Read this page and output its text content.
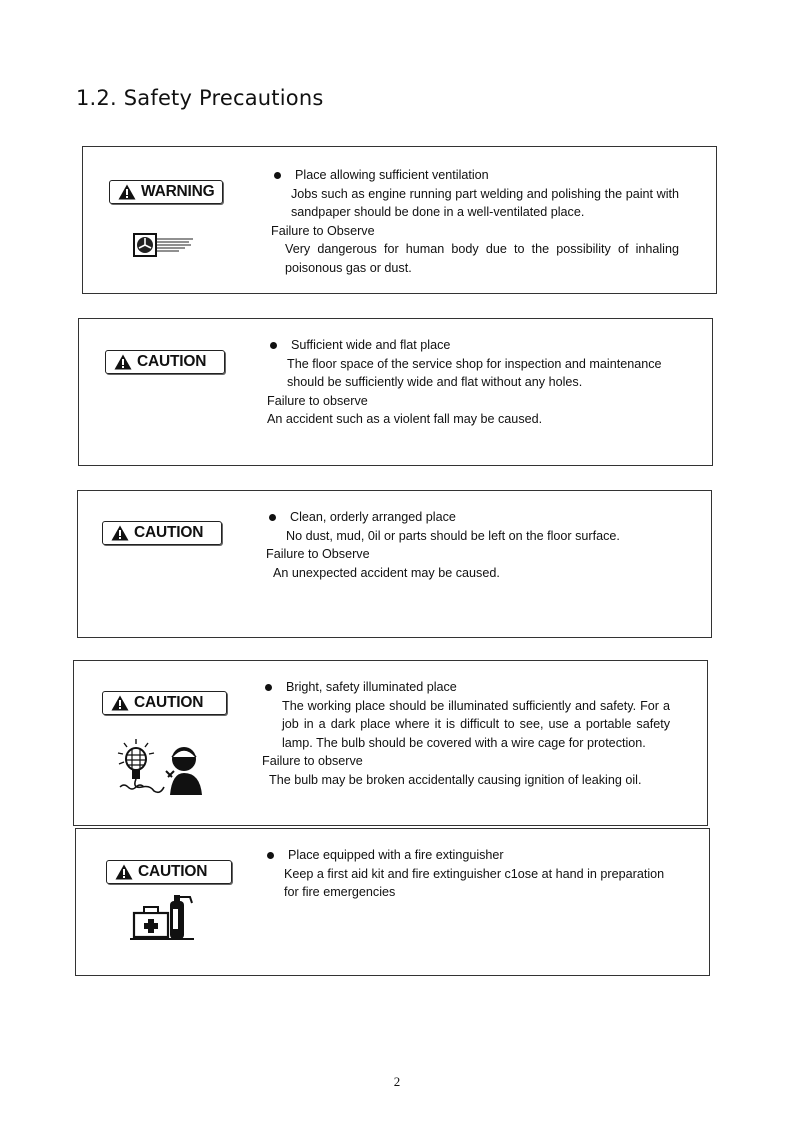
1.2. Safety Precautions
WARNING

Place allowing sufficient ventilation

Jobs such as engine running part welding and polishing the paint with sandpaper should be done in a well-ventilated place.

Failure to Observe

Very dangerous for human body due to the possibility of inhaling poisonous gas or dust.

CAUTION

Sufficient wide and flat place

The floor space of the service shop for inspection and maintenance should be sufficiently wide and flat without any holes.

Failure to observe

An accident such as a violent fall may be caused.

CAUTION

Clean, orderly arranged place

No dust, mud, 0il or parts should be left on the floor surface.

Failure to Observe

An unexpected accident may be caused.

CAUTION

Bright, safety illuminated place

The working place should be illuminated sufficiently and safety. For a job in a dark place where it is difficult to see, use a portable safety lamp. The bulb should be covered with a wire cage for protection.

Failure to observe

The bulb may be broken accidentally causing ignition of leaking oil.

CAUTION

Place equipped with a fire extinguisher

Keep a first aid kit and fire extinguisher c1ose at hand in preparation for fire emergencies

2
